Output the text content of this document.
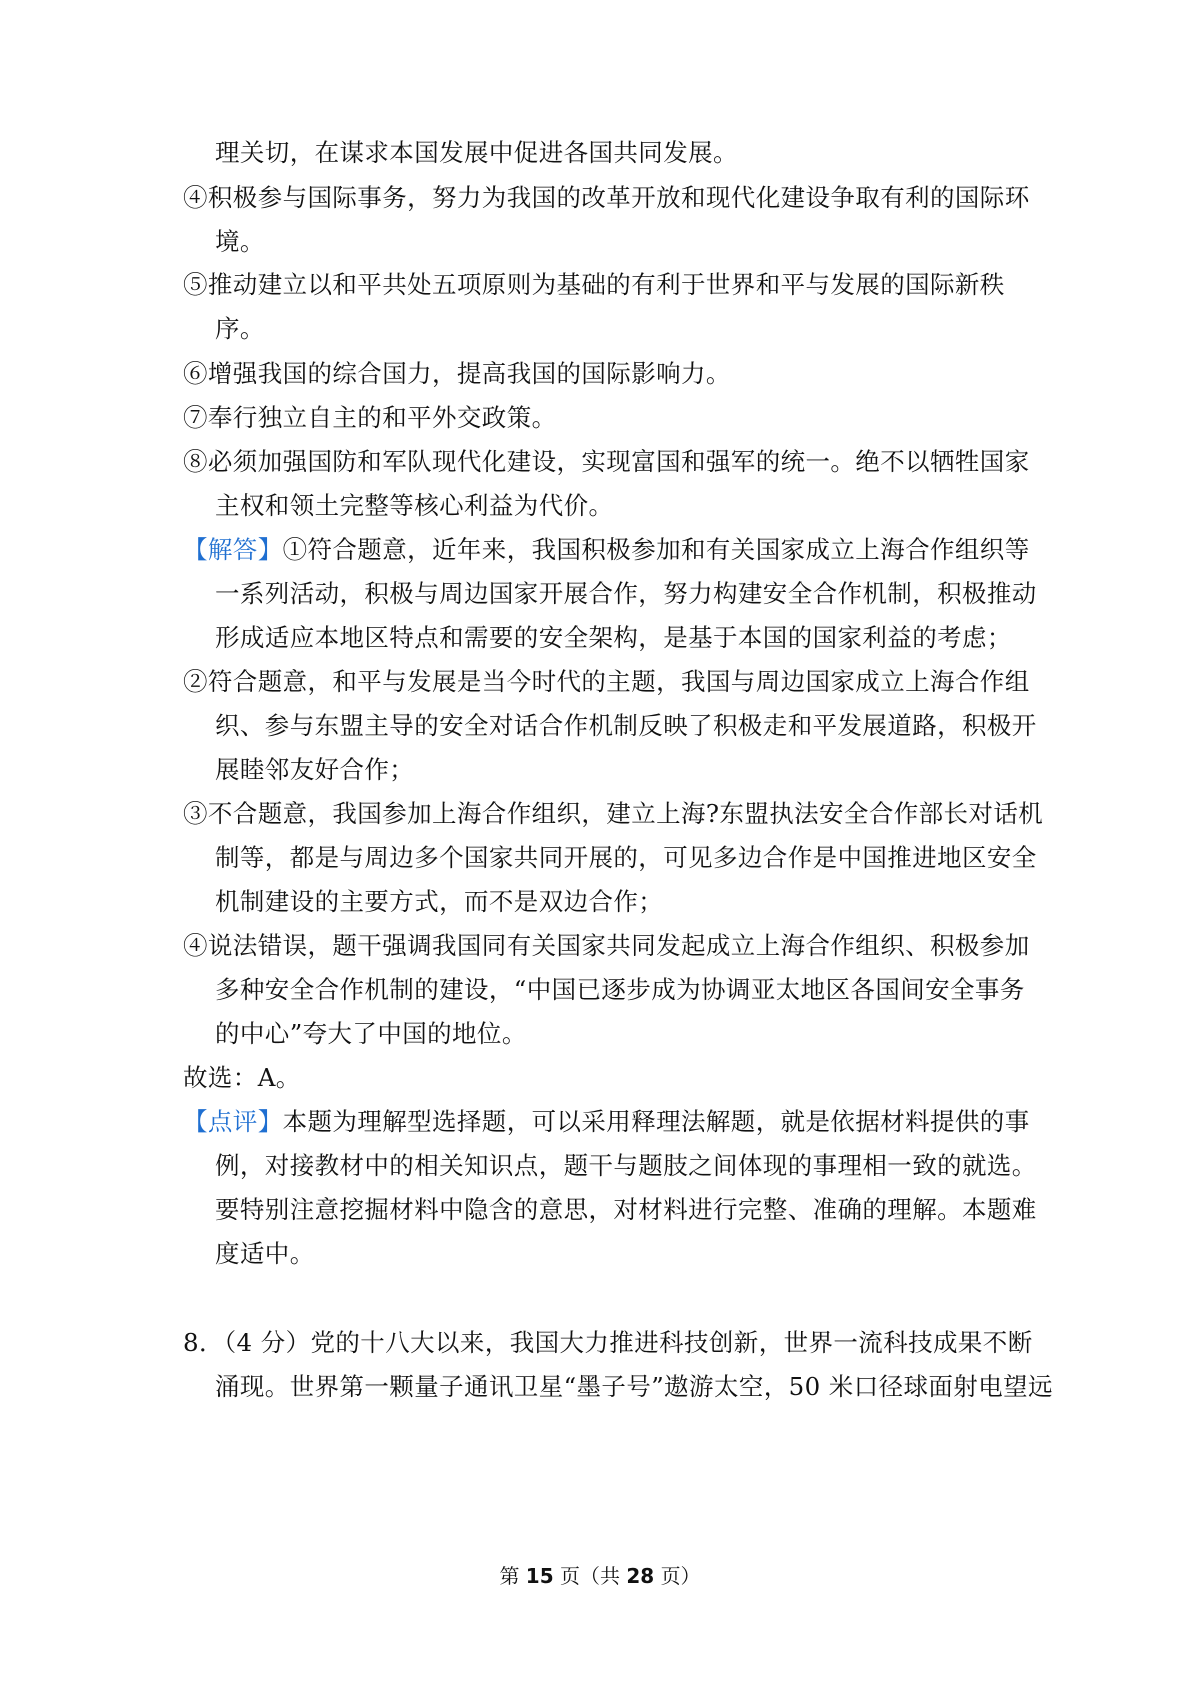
理关切，在谋求本国发展中促进各国共同发展。
④积极参与国际事务，努力为我国的改革开放和现代化建设争取有利的国际环
境。
⑤推动建立以和平共处五项原则为基础的有利于世界和平与发展的国际新秩
序。
⑥增强我国的综合国力，提高我国的国际影响力。
⑦奉行独立自主的和平外交政策。
⑧必须加强国防和军队现代化建设，实现富国和强军的统一。绝不以牺牲国家
主权和领土完整等核心利益为代价。
【解答】①符合题意，近年来，我国积极参加和有关国家成立上海合作组织等
一系列活动，积极与周边国家开展合作，努力构建安全合作机制，积极推动
形成适应本地区特点和需要的安全架构，是基于本国的国家利益的考虑；
②符合题意，和平与发展是当今时代的主题，我国与周边国家成立上海合作组
织、参与东盟主导的安全对话合作机制反映了积极走和平发展道路，积极开
展睦邻友好合作；
③不合题意，我国参加上海合作组织，建立上海?东盟执法安全合作部长对话机
制等，都是与周边多个国家共同开展的，可见多边合作是中国推进地区安全
机制建设的主要方式，而不是双边合作；
④说法错误，题干强调我国同有关国家共同发起成立上海合作组织、积极参加
多种安全合作机制的建设，“中国已逐步成为协调亚太地区各国间安全事务
的中心”夸大了中国的地位。
故选：A。
【点评】本题为理解型选择题，可以采用释理法解题，就是依据材料提供的事
例，对接教材中的相关知识点，题干与题肢之间体现的事理相一致的就选。
要特别注意挖掘材料中隐含的意思，对材料进行完整、准确的理解。本题难
度适中。
8．（4 分）党的十八大以来，我国大力推进科技创新，世界一流科技成果不断
涌现。世界第一颗量子通讯卫星“墨子号”遨游太空，50 米口径球面射电望远
第 15 页（共 28 页）
